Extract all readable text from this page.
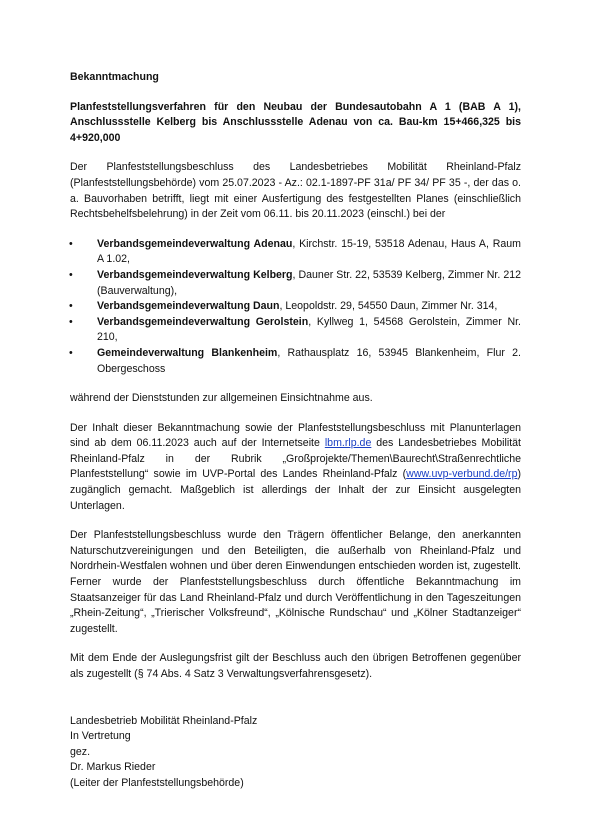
Bekanntmachung

Planfeststellungsverfahren für den Neubau der Bundesautobahn A 1 (BAB A 1), Anschlussstelle Kelberg bis Anschlussstelle Adenau von ca. Bau-km 15+466,325 bis 4+920,000

Der Planfeststellungsbeschluss des Landesbetriebes Mobilität Rheinland-Pfalz (Planfeststellungsbehörde) vom 25.07.2023 - Az.: 02.1-1897-PF 31a/ PF 34/ PF 35 -, der das o. a. Bauvorhaben betrifft, liegt mit einer Ausfertigung des festgestellten Planes (einschließlich Rechtsbehelfsbelehrung) in der Zeit vom 06.11. bis 20.11.2023 (einschl.) bei der

• Verbandsgemeindeverwaltung Adenau, Kirchstr. 15-19, 53518 Adenau, Haus A, Raum A 1.02,
• Verbandsgemeindeverwaltung Kelberg, Dauner Str. 22, 53539 Kelberg, Zimmer Nr. 212 (Bauverwaltung),
• Verbandsgemeindeverwaltung Daun, Leopoldstr. 29, 54550 Daun, Zimmer Nr. 314,
• Verbandsgemeindeverwaltung Gerolstein, Kyllweg 1, 54568 Gerolstein, Zimmer Nr. 210,
• Gemeindeverwaltung Blankenheim, Rathausplatz 16, 53945 Blankenheim, Flur 2. Obergeschoss

während der Dienststunden zur allgemeinen Einsichtnahme aus.

Der Inhalt dieser Bekanntmachung sowie der Planfeststellungsbeschluss mit Planunterlagen sind ab dem 06.11.2023 auch auf der Internetseite lbm.rlp.de des Landesbetriebes Mobilität Rheinland-Pfalz in der Rubrik „Großprojekte/Themen\Baurecht\Straßenrechtliche Planfeststellung“ sowie im UVP-Portal des Landes Rheinland-Pfalz (www.uvp-verbund.de/rp) zugänglich gemacht. Maßgeblich ist allerdings der Inhalt der zur Einsicht ausgelegten Unterlagen.

Der Planfeststellungsbeschluss wurde den Trägern öffentlicher Belange, den anerkannten Naturschutzvereinigungen und den Beteiligten, die außerhalb von Rheinland-Pfalz und Nordrhein-Westfalen wohnen und über deren Einwendungen entschieden worden ist, zugestellt. Ferner wurde der Planfeststellungsbeschluss durch öffentliche Bekanntmachung im Staatsanzeiger für das Land Rheinland-Pfalz und durch Veröffentlichung in den Tageszeitungen „Rhein-Zeitung“, „Trierischer Volksfreund“, „Kölnische Rundschau“ und „Kölner Stadtanzeiger“ zugestellt.

Mit dem Ende der Auslegungsfrist gilt der Beschluss auch den übrigen Betroffenen gegenüber als zugestellt (§ 74 Abs. 4 Satz 3 Verwaltungsverfahrensgesetz).

Landesbetrieb Mobilität Rheinland-Pfalz
In Vertretung
gez.
Dr. Markus Rieder
(Leiter der Planfeststellungsbehörde)
